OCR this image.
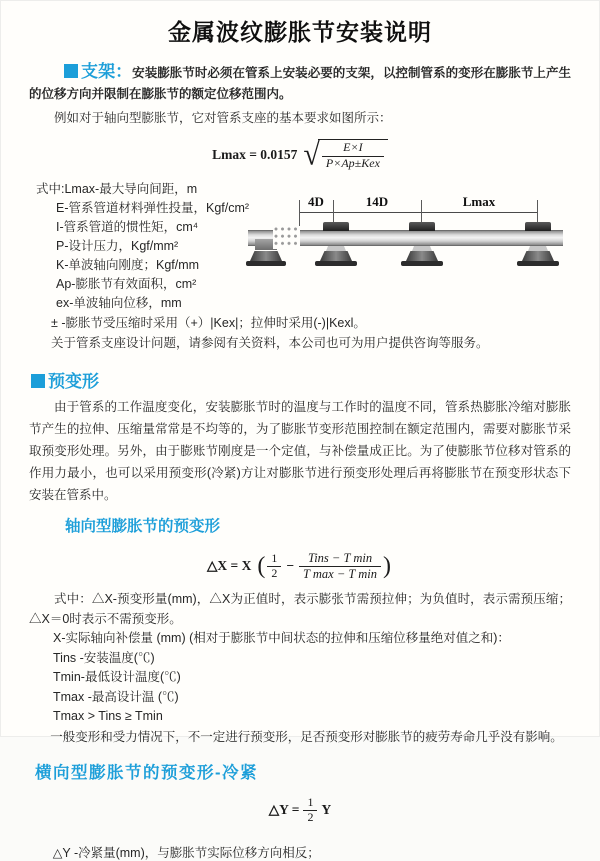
金属波纹膨胀节安装说明

支架：安装膨胀节时必须在管系上安装必要的支架，以控制管系的变形在膨胀节上产生的位移方向并限制在膨胀节的额定位移范围内。

例如对于轴向型膨胀节，它对管系支座的基本要求如图所示：

Lmax = 0.0157 √ $\frac{E\times I}{\text{P×Ap±Kex}}$
式中:Lmax-最大导向间距，m
E-管系管道材料弹性投量，Kgf/cm²
I-管系管道的惯性矩，cm⁴
P-设计压力，Kgf/mm²
K-单波轴向刚度；Kgf/mm
Ap-膨胀节有效面积，cm²
ex-单波轴向位移，mm

± -膨胀节受压缩时采用（+）|Kex|；拉伸时采用(-)|Kexl。

关于管系支座设计问题，请参阅有关资料，本公司也可为用户提供咨询等服务。

4D	14D	Lmax
预变形

由于管系的工作温度变化，安装膨胀节时的温度与工作时的温度不同，管系热膨胀冷缩对膨胀节产生的拉伸、压缩量常常是不均等的，为了膨胀节变形范围控制在额定范围内，需要对膨胀节采取预变形处理。另外，由于膨账节刚度是一个定值，与补偿量成正比。为了使膨胀节位移对管系的作用力最小，也可以采用预变形(冷紧)方让对膨胀节进行预变形处理后再将膨胀节在预变形状态下安装在管系中。

轴向型膨胀节的预变形
△X = X ( $\frac{1}{2} - \frac{\text{Tins − T min}}{\text{T max − T min}}$ )

式中：△X-预变形量(mm)，△X为正值时，表示膨张节需预拉伸；为负值时，表示需预压缩；△X＝0时表示不需预变形。

X-实际轴向补偿量 (mm) (相对于膨胀节中间状态的拉伸和压缩位移量绝对值之和)：
Tins -安装温度(℃)
Tmin-最低设计温度(℃)
Tmax -最高设计温 (℃)
Tmax > Tins ≥ Tmin

一般变形和受力情况下，不一定进行预变形，足否预变形对膨胀节的疲劳寿命几乎没有影响。

横向型膨胀节的预变形-冷紧
△Y = $\frac{1}{2}$ Y

△Y -冷紧量(mm)，与膨胀节实际位移方向相反；
